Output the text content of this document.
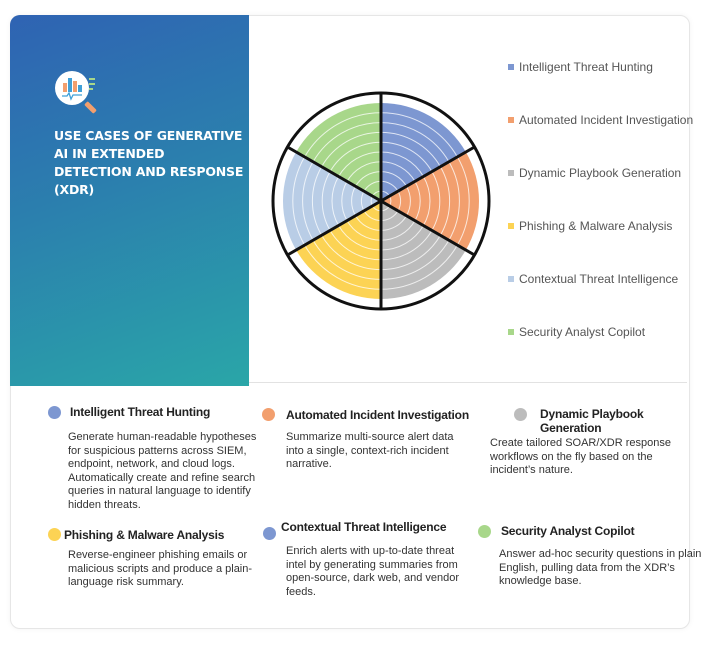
USE CASES OF GENERATIVE AI IN EXTENDED DETECTION AND RESPONSE (XDR)
Intelligent Threat Hunting
Automated Incident Investigation
Dynamic Playbook Generation
Phishing & Malware Analysis
Contextual Threat Intelligence
Security Analyst Copilot
Intelligent Threat Hunting
Generate human-readable hypotheses for suspicious patterns across SIEM, endpoint, network, and cloud logs. Automatically create and refine search queries in natural language to identify hidden threats.
Automated Incident Investigation
Summarize multi-source alert data into a single, context-rich incident narrative.
Dynamic Playbook Generation
Create tailored SOAR/XDR response workflows on the fly based on the incident’s nature.
Phishing & Malware Analysis
Reverse-engineer phishing emails or malicious scripts and produce a plain-language risk summary.
Contextual Threat Intelligence
Enrich alerts with up-to-date threat intel by generating summaries from open-source, dark web, and vendor feeds.
Security Analyst Copilot
Answer ad-hoc security questions in plain English, pulling data from the XDR’s knowledge base.
